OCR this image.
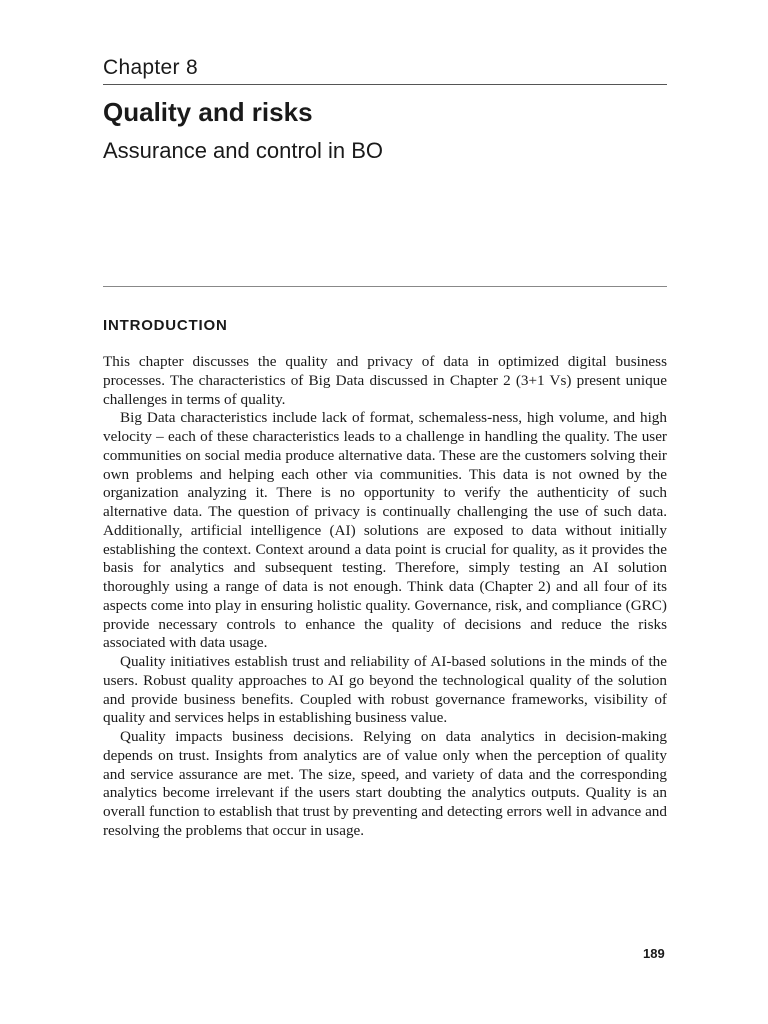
Chapter 8
Quality and risks
Assurance and control in BO
INTRODUCTION

This chapter discusses the quality and privacy of data in optimized digital business processes. The characteristics of Big Data discussed in Chapter 2 (3+1 Vs) present unique challenges in terms of quality.

Big Data characteristics include lack of format, schemaless-ness, high volume, and high velocity – each of these characteristics leads to a challenge in handling the quality. The user communities on social media produce alternative data. These are the customers solving their own problems and helping each other via communities. This data is not owned by the organization analyzing it. There is no opportunity to verify the authenticity of such alternative data. The question of privacy is continually challenging the use of such data. Additionally, artificial intelligence (AI) solutions are exposed to data without initially establishing the context. Context around a data point is crucial for quality, as it provides the basis for analytics and subsequent testing. Therefore, simply testing an AI solution thoroughly using a range of data is not enough. Think data (Chapter 2) and all four of its aspects come into play in ensuring holistic quality. Governance, risk, and compliance (GRC) provide necessary controls to enhance the quality of decisions and reduce the risks associated with data usage.

Quality initiatives establish trust and reliability of AI-based solutions in the minds of the users. Robust quality approaches to AI go beyond the technological quality of the solution and provide business benefits. Coupled with robust governance frameworks, visibility of quality and services helps in establishing business value.

Quality impacts business decisions. Relying on data analytics in decision-making depends on trust. Insights from analytics are of value only when the perception of quality and service assurance are met. The size, speed, and variety of data and the corresponding analytics become irrelevant if the users start doubting the analytics outputs. Quality is an overall function to establish that trust by preventing and detecting errors well in advance and resolving the problems that occur in usage.

189
